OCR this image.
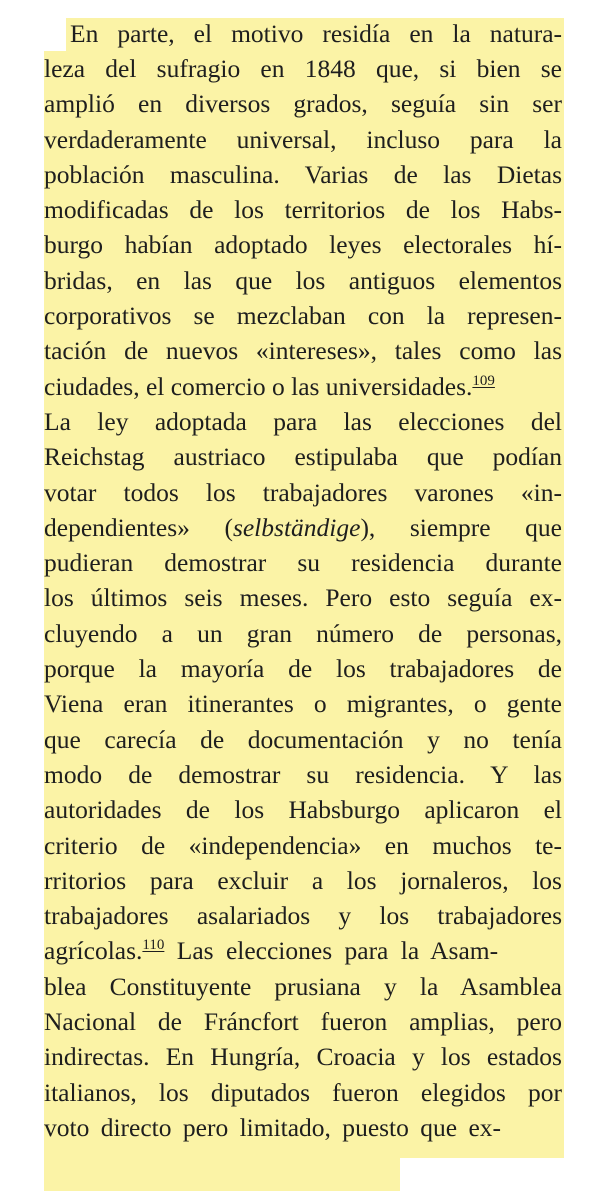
En parte, el motivo residía en la natura-
leza del sufragio en 1848 que, si bien se
amplió en diversos grados, seguía sin ser
verdaderamente universal, incluso para la
población masculina. Varias de las Dietas
modificadas de los territorios de los Habs-
burgo habían adoptado leyes electorales hí-
bridas, en las que los antiguos elementos
corporativos se mezclaban con la represen-
tación de nuevos «intereses», tales como las
ciudades, el comercio o las universidades.$^{109}$
La ley adoptada para las elecciones del
Reichstag austriaco estipulaba que podían
votar todos los trabajadores varones «in-
dependientes» (selbständige), siempre que
pudieran demostrar su residencia durante
los últimos seis meses. Pero esto seguía ex-
cluyendo a un gran número de personas,
porque la mayoría de los trabajadores de
Viena eran itinerantes o migrantes, o gente
que carecía de documentación y no tenía
modo de demostrar su residencia. Y las
autoridades de los Habsburgo aplicaron el
criterio de «independencia» en muchos te-
rritorios para excluir a los jornaleros, los
trabajadores asalariados y los trabajadores
agrícolas.$^{110}$ Las elecciones para la Asam-
blea Constituyente prusiana y la Asamblea
Nacional de Fráncfort fueron amplias, pero
indirectas. En Hungría, Croacia y los estados
italianos, los diputados fueron elegidos por
voto directo pero limitado, puesto que ex-
